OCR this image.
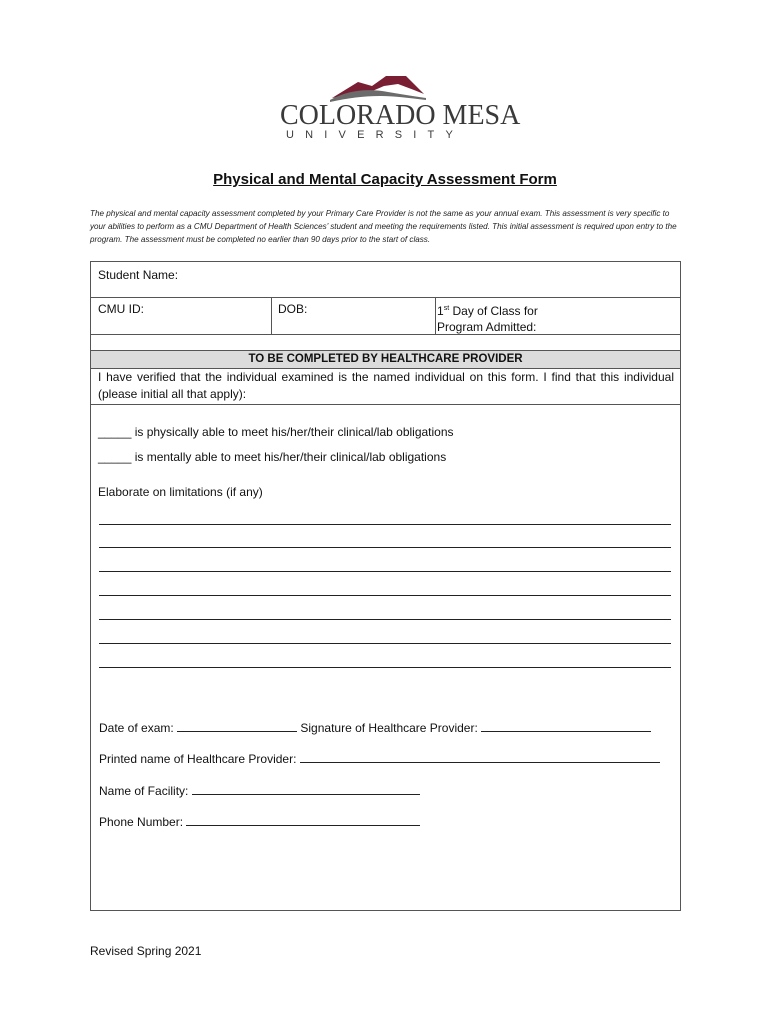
COLORADO MESA
UNIVERSITY
Physical and Mental Capacity Assessment Form
The physical and mental capacity assessment completed by your Primary Care Provider is not the same as your annual exam. This assessment is very specific to your abilities to perform as a CMU Department of Health Sciences’ student and meeting the requirements listed. This initial assessment is required upon entry to the program. The assessment must be completed no earlier than 90 days prior to the start of class.
Student Name:
CMU ID:	DOB:	1st Day of Class for
Program Admitted:
TO BE COMPLETED BY HEALTHCARE PROVIDER
I have verified that the individual examined is the named individual on this form. I find that this individual (please initial all that apply):
_____ is physically able to meet his/her/their clinical/lab obligations
_____ is mentally able to meet his/her/their clinical/lab obligations
Elaborate on limitations (if any)
Date of exam:	Signature of Healthcare Provider:
Printed name of Healthcare Provider:
Name of Facility:
Phone Number:
Revised Spring 2021
